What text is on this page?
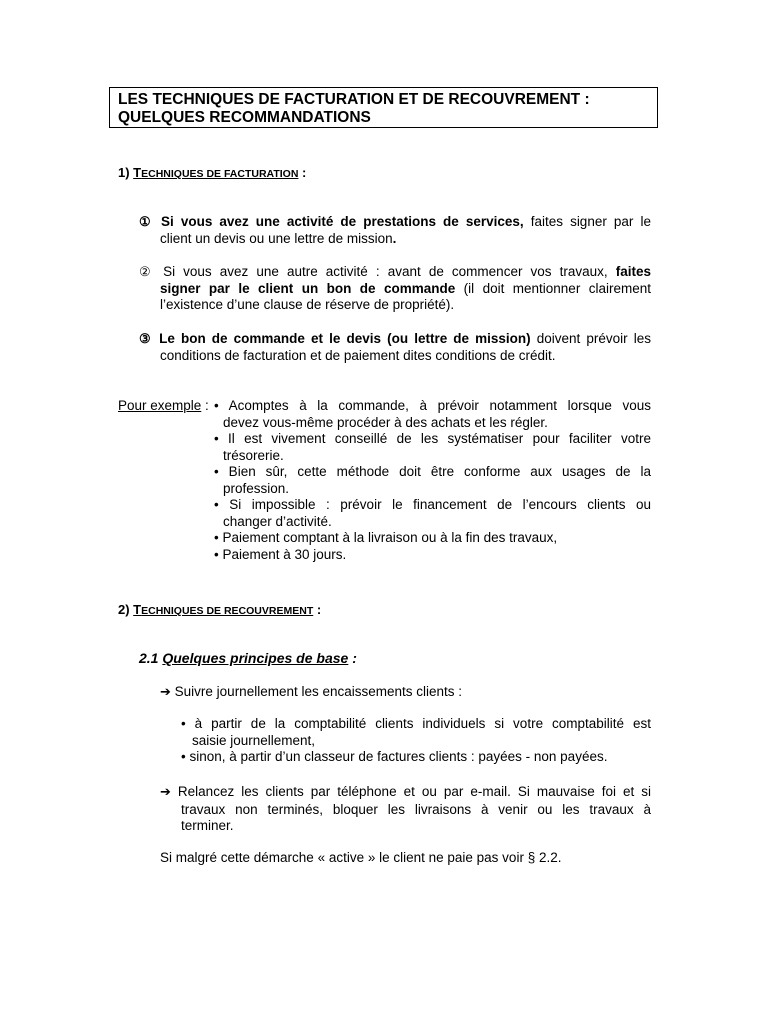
LES TECHNIQUES DE FACTURATION ET DE RECOUVREMENT :
QUELQUES RECOMMANDATIONS
1) TECHNIQUES DE FACTURATION :
① Si vous avez une activité de prestations de services, faites signer par le
client un devis ou une lettre de mission.
② Si vous avez une autre activité : avant de commencer vos travaux, faites
signer par le client un bon de commande (il doit mentionner clairement
l’existence d’une clause de réserve de propriété).
③ Le bon de commande et le devis (ou lettre de mission) doivent prévoir les
conditions de facturation et de paiement dites conditions de crédit.
Pour exemple : • Acomptes à la commande, à prévoir notamment lorsque vous
devez vous-même procéder à des achats et les régler.
• Il est vivement conseillé de les systématiser pour faciliter votre
trésorerie.
• Bien sûr, cette méthode doit être conforme aux usages de la
profession.
• Si impossible : prévoir le financement de l’encours clients ou
changer d’activité.
• Paiement comptant à la livraison ou à la fin des travaux,
• Paiement à 30 jours.
2) TECHNIQUES DE RECOUVREMENT :
2.1 Quelques principes de base :
➔ Suivre journellement les encaissements clients :
• à partir de la comptabilité clients individuels si votre comptabilité est
saisie journellement,
• sinon, à partir d’un classeur de factures clients : payées - non payées.
➔ Relancez les clients par téléphone et ou par e-mail. Si mauvaise foi et si
travaux non terminés, bloquer les livraisons à venir ou les travaux à
terminer.
Si malgré cette démarche « active » le client ne paie pas voir § 2.2.
